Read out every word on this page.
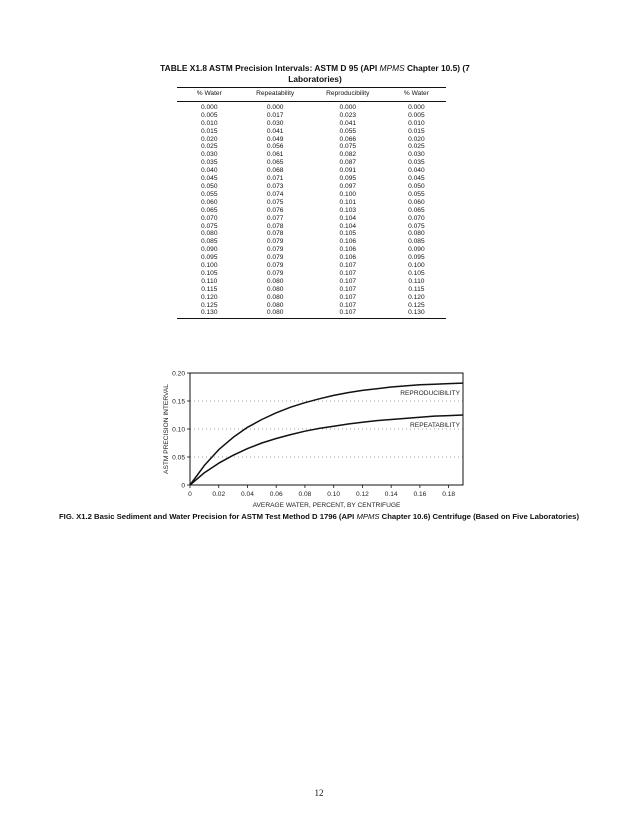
TABLE X1.8 ASTM Precision Intervals: ASTM D 95 (API MPMS Chapter 10.5) (7 Laboratories)
% Water	Repeatability	Reproducibility	% Water
0.000	0.000	0.000	0.000
0.005	0.017	0.023	0.005
0.010	0.030	0.041	0.010
0.015	0.041	0.055	0.015
0.020	0.049	0.066	0.020
0.025	0.056	0.075	0.025
0.030	0.061	0.082	0.030
0.035	0.065	0.087	0.035
0.040	0.068	0.091	0.040
0.045	0.071	0.095	0.045
0.050	0.073	0.097	0.050
0.055	0.074	0.100	0.055
0.060	0.075	0.101	0.060
0.065	0.076	0.103	0.065
0.070	0.077	0.104	0.070
0.075	0.078	0.104	0.075
0.080	0.078	0.105	0.080
0.085	0.079	0.106	0.085
0.090	0.079	0.106	0.090
0.095	0.079	0.106	0.095
0.100	0.079	0.107	0.100
0.105	0.079	0.107	0.105
0.110	0.080	0.107	0.110
0.115	0.080	0.107	0.115
0.120	0.080	0.107	0.120
0.125	0.080	0.107	0.125
0.130	0.080	0.107	0.130
0	0.02 0.04 0.06 0.08 0.10 0.12 0.14 0.16 0.18
0
0.05
0.10
0.15
0.20
REPRODUCIBILITY
REPEATABILITY
AVERAGE WATER, PERCENT, BY CENTRIFUGE
ASTM PRECISION INTERVAL
FIG. X1.2 Basic Sediment and Water Precision for ASTM Test Method D 1796 (API MPMS Chapter 10.6) Centrifuge (Based on Five Laboratories)
12
